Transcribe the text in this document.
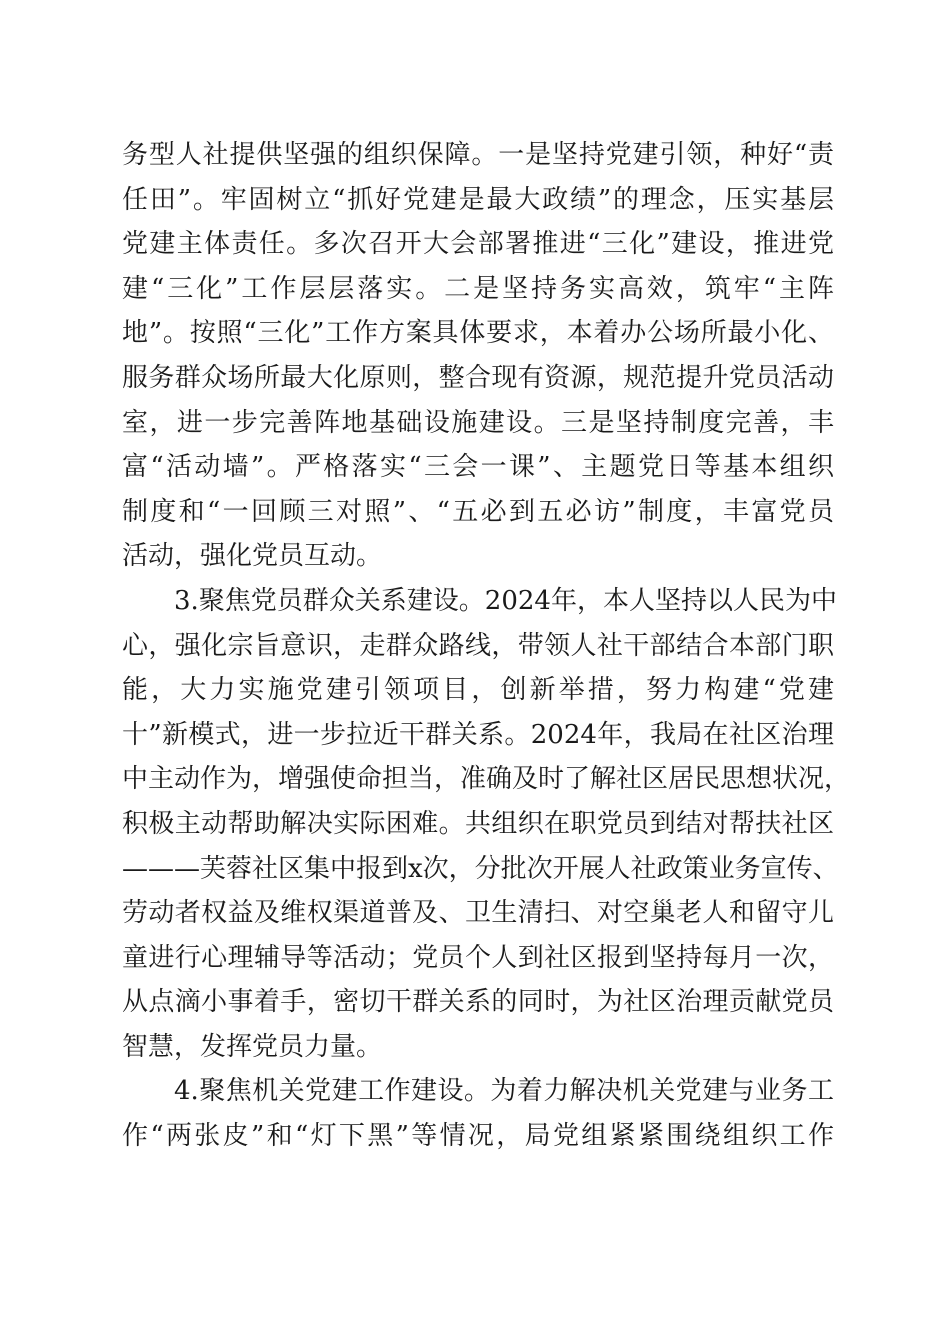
务型人社提供坚强的组织保障。一是坚持党建引领，种好“责
任田”。牢固树立“抓好党建是最大政绩”的理念，压实基层
党建主体责任。多次召开大会部署推进“三化”建设，推进党
建“三化”工作层层落实。二是坚持务实高效，筑牢“主阵
地”。按照“三化”工作方案具体要求，本着办公场所最小化、
服务群众场所最大化原则，整合现有资源，规范提升党员活动
室，进一步完善阵地基础设施建设。三是坚持制度完善，丰
富“活动墙”。严格落实“三会一课”、主题党日等基本组织
制度和“一回顾三对照”、“五必到五必访”制度，丰富党员
活动，强化党员互动。
3.聚焦党员群众关系建设。2024年，本人坚持以人民为中
心，强化宗旨意识，走群众路线，带领人社干部结合本部门职
能，大力实施党建引领项目，创新举措，努力构建“党建
十”新模式，进一步拉近干群关系。2024年，我局在社区治理
中主动作为，增强使命担当，准确及时了解社区居民思想状况，
积极主动帮助解决实际困难。共组织在职党员到结对帮扶社区
———芙蓉社区集中报到x次，分批次开展人社政策业务宣传、
劳动者权益及维权渠道普及、卫生清扫、对空巢老人和留守儿
童进行心理辅导等活动；党员个人到社区报到坚持每月一次，
从点滴小事着手，密切干群关系的同时，为社区治理贡献党员
智慧，发挥党员力量。
4.聚焦机关党建工作建设。为着力解决机关党建与业务工
作“两张皮”和“灯下黑”等情况，局党组紧紧围绕组织工作
